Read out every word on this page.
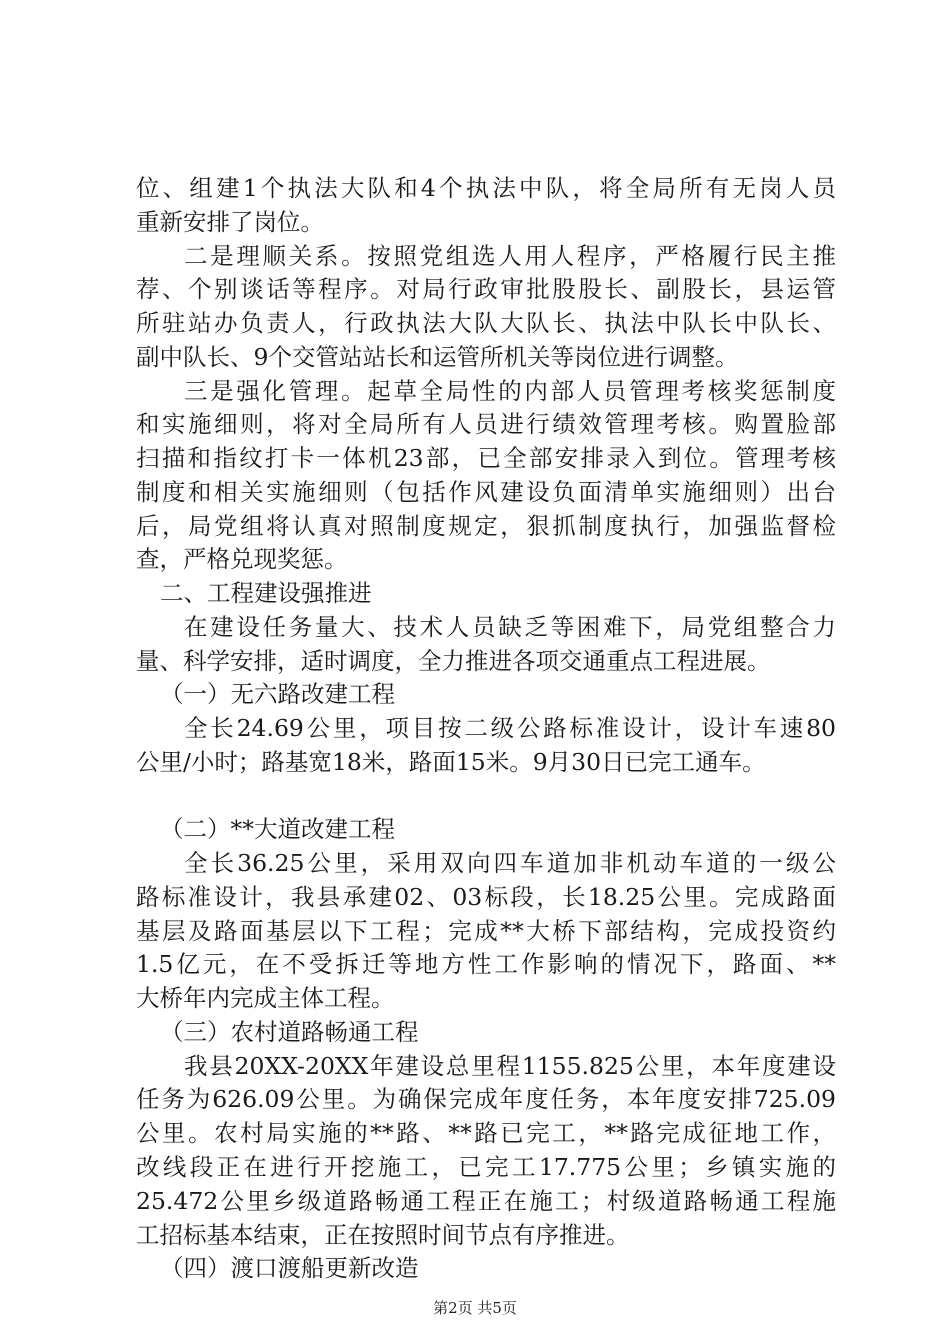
位、组建1个执法大队和4个执法中队，将全局所有无岗人员
重新安排了岗位。
二是理顺关系。按照党组选人用人程序，严格履行民主推
荐、个别谈话等程序。对局行政审批股股长、副股长，县运管
所驻站办负责人，行政执法大队大队长、执法中队长中队长、
副中队长、9个交管站站长和运管所机关等岗位进行调整。
三是强化管理。起草全局性的内部人员管理考核奖惩制度
和实施细则，将对全局所有人员进行绩效管理考核。购置脸部
扫描和指纹打卡一体机23部，已全部安排录入到位。管理考核
制度和相关实施细则（包括作风建设负面清单实施细则）出台
后，局党组将认真对照制度规定，狠抓制度执行，加强监督检
查，严格兑现奖惩。
二、工程建设强推进
在建设任务量大、技术人员缺乏等困难下，局党组整合力
量、科学安排，适时调度，全力推进各项交通重点工程进展。
（一）无六路改建工程
全长24.69公里，项目按二级公路标准设计，设计车速80
公里/小时；路基宽18米，路面15米。9月30日已完工通车。
（二）**大道改建工程
全长36.25公里，采用双向四车道加非机动车道的一级公
路标准设计，我县承建02、03标段，长18.25公里。完成路面
基层及路面基层以下工程；完成**大桥下部结构，完成投资约
1.5亿元，在不受拆迁等地方性工作影响的情况下，路面、**
大桥年内完成主体工程。
（三）农村道路畅通工程
我县20XX-20XX年建设总里程1155.825公里，本年度建设
任务为626.09公里。为确保完成年度任务，本年度安排725.09
公里。农村局实施的**路、**路已完工，**路完成征地工作，
改线段正在进行开挖施工，已完工17.775公里；乡镇实施的
25.472公里乡级道路畅通工程正在施工；村级道路畅通工程施
工招标基本结束，正在按照时间节点有序推进。
（四）渡口渡船更新改造
第2页 共5页
